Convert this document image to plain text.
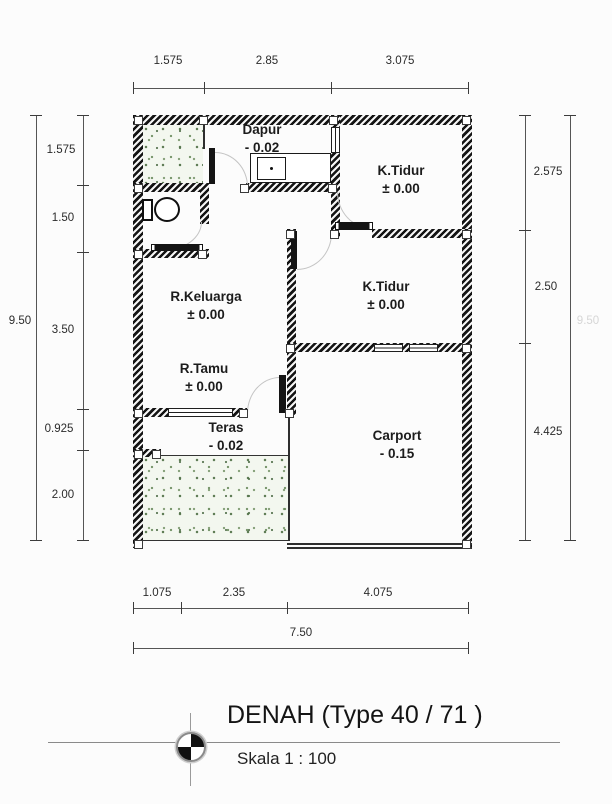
Dapur
- 0.02
K.Tidur
± 0.00
K.Tidur
± 0.00
R.Keluarga
± 0.00
R.Tamu
± 0.00
Teras
- 0.02
Carport
- 0.15
1.575	2.85	3.075
1.575
1.50
3.50
0.925
2.00
9.50
2.575
2.50
4.425
9.50
1.075	2.35	4.075
7.50
DENAH (Type 40 / 71 )
Skala 1 : 100
